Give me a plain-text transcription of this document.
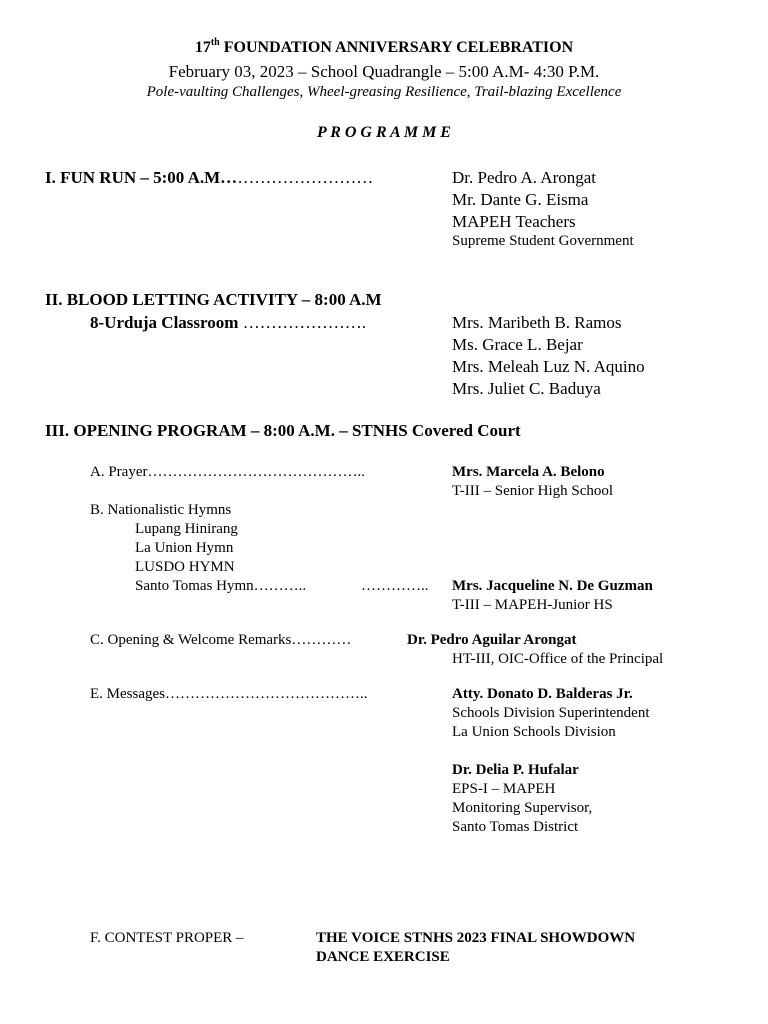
17th FOUNDATION ANNIVERSARY CELEBRATION
February 03, 2023 – School Quadrangle – 5:00 A.M- 4:30 P.M.
Pole-vaulting Challenges, Wheel-greasing Resilience, Trail-blazing Excellence
P R O G R A M M E
I. FUN RUN – 5:00 A.M………………………	Dr. Pedro A. Arongat
Mr. Dante G. Eisma
MAPEH Teachers
Supreme Student Government
II. BLOOD LETTING ACTIVITY – 8:00 A.M
8-Urduja Classroom ………………….	Mrs. Maribeth B. Ramos
Ms. Grace L. Bejar
Mrs. Meleah Luz N. Aquino
Mrs. Juliet C. Baduya
III. OPENING PROGRAM – 8:00 A.M. – STNHS Covered Court
A. Prayer……………………………………..	Mrs. Marcela A. Belono
T-III – Senior High School
B. Nationalistic Hymns
Lupang Hinirang
La Union Hymn
LUSDO HYMN
Santo Tomas Hymn………..	………….. Mrs. Jacqueline N. De Guzman
T-III – MAPEH-Junior HS
C. Opening & Welcome Remarks…………	Dr. Pedro Aguilar Arongat
HT-III, OIC-Office of the Principal
E. Messages…………………………………..	Atty. Donato D. Balderas Jr.
Schools Division Superintendent
La Union Schools Division
Dr. Delia P. Hufalar
EPS-I – MAPEH
Monitoring Supervisor,
Santo Tomas District
F. CONTEST PROPER –	THE VOICE STNHS 2023 FINAL SHOWDOWN
DANCE EXERCISE
